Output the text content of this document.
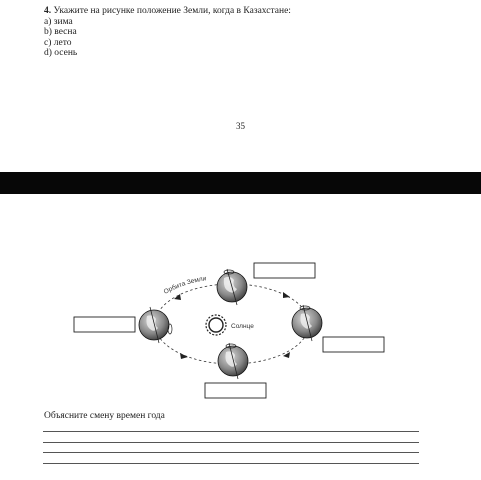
4. Укажите на рисунке положение Земли, когда в Казахстане:
a) зима
b) весна
c) лето
d) осень
35
Орбита Земли
Солнце
Объясните смену времен года
